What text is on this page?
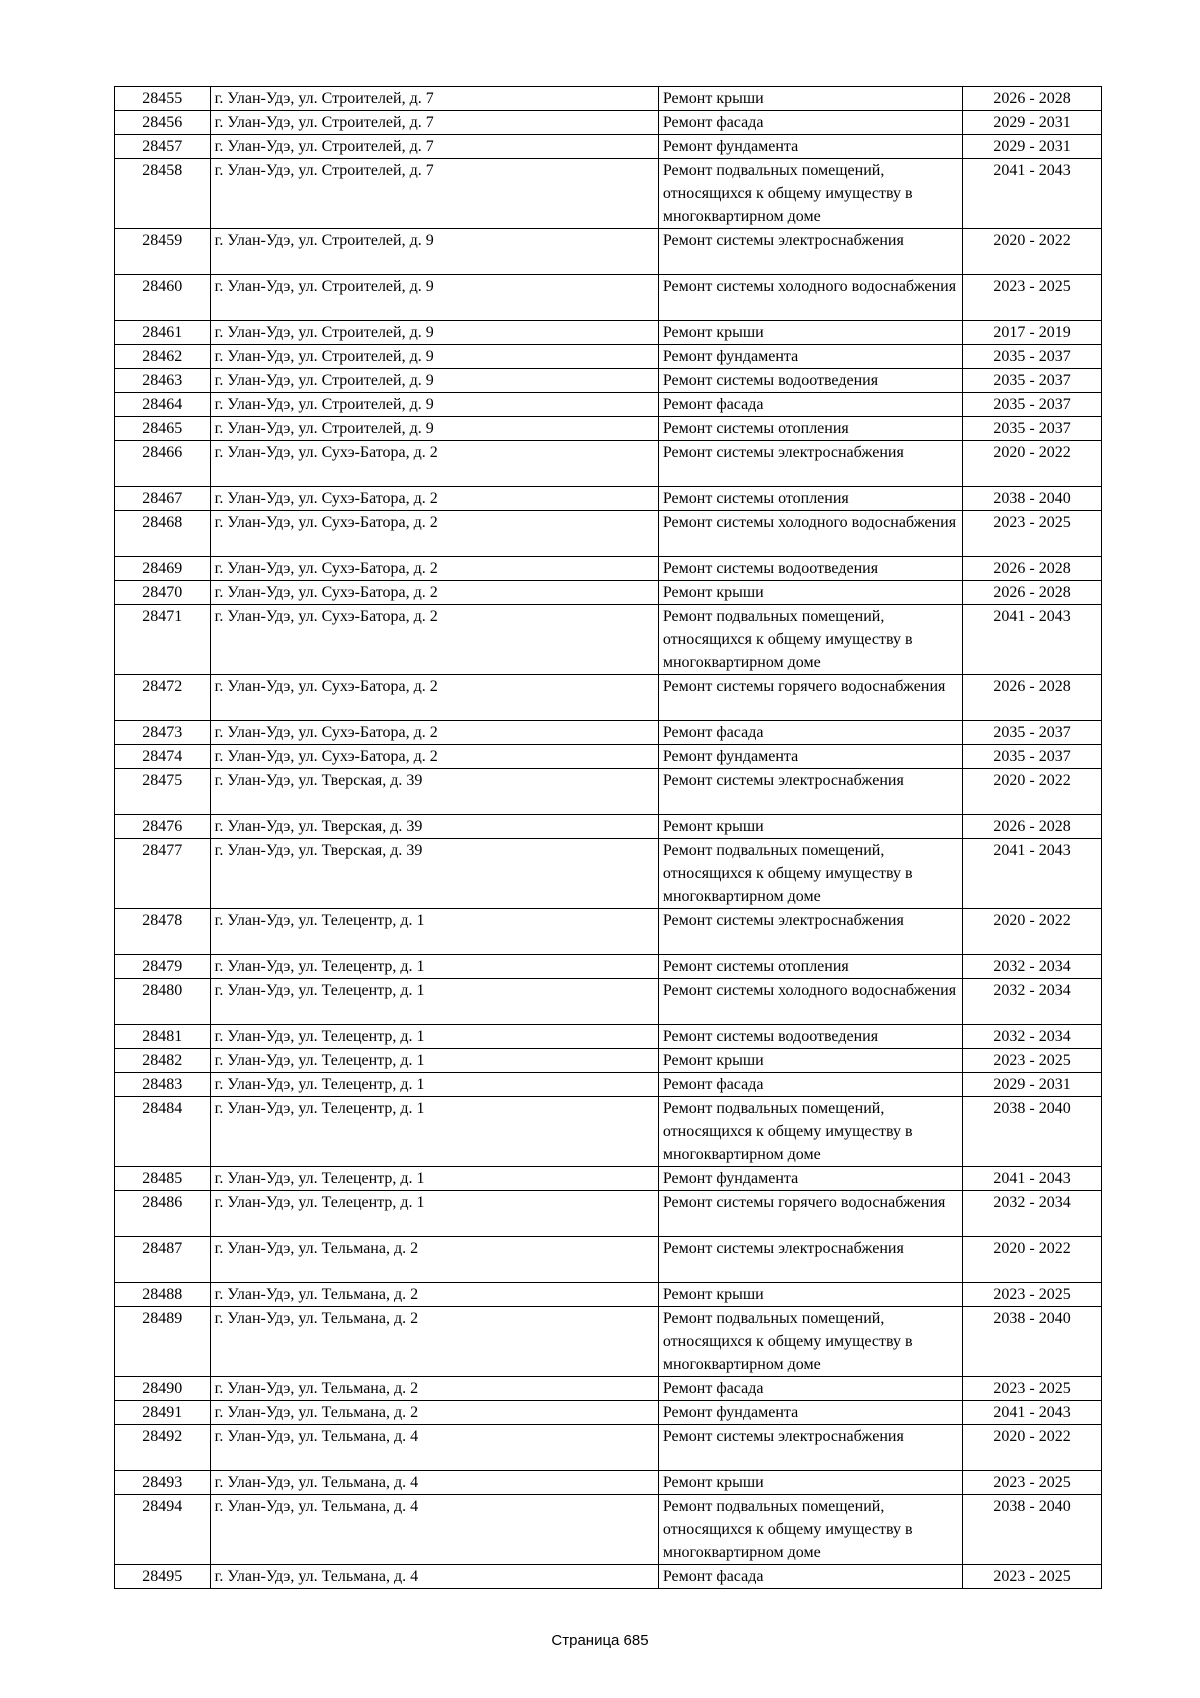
28455	г. Улан-Удэ, ул. Строителей, д. 7	Ремонт крыши	2026 - 2028
28456	г. Улан-Удэ, ул. Строителей, д. 7	Ремонт фасада	2029 - 2031
28457	г. Улан-Удэ, ул. Строителей, д. 7	Ремонт фундамента	2029 - 2031
28458	г. Улан-Удэ, ул. Строителей, д. 7	Ремонт подвальных помещений, относящихся к общему имуществу в многоквартирном доме	2041 - 2043
28459	г. Улан-Удэ, ул. Строителей, д. 9	Ремонт системы электроснабжения	2020 - 2022
28460	г. Улан-Удэ, ул. Строителей, д. 9	Ремонт системы холодного водоснабжения	2023 - 2025
28461	г. Улан-Удэ, ул. Строителей, д. 9	Ремонт крыши	2017 - 2019
28462	г. Улан-Удэ, ул. Строителей, д. 9	Ремонт фундамента	2035 - 2037
28463	г. Улан-Удэ, ул. Строителей, д. 9	Ремонт системы водоотведения	2035 - 2037
28464	г. Улан-Удэ, ул. Строителей, д. 9	Ремонт фасада	2035 - 2037
28465	г. Улан-Удэ, ул. Строителей, д. 9	Ремонт системы отопления	2035 - 2037
28466	г. Улан-Удэ, ул. Сухэ-Батора, д. 2	Ремонт системы электроснабжения	2020 - 2022
28467	г. Улан-Удэ, ул. Сухэ-Батора, д. 2	Ремонт системы отопления	2038 - 2040
28468	г. Улан-Удэ, ул. Сухэ-Батора, д. 2	Ремонт системы холодного водоснабжения	2023 - 2025
28469	г. Улан-Удэ, ул. Сухэ-Батора, д. 2	Ремонт системы водоотведения	2026 - 2028
28470	г. Улан-Удэ, ул. Сухэ-Батора, д. 2	Ремонт крыши	2026 - 2028
28471	г. Улан-Удэ, ул. Сухэ-Батора, д. 2	Ремонт подвальных помещений, относящихся к общему имуществу в многоквартирном доме	2041 - 2043
28472	г. Улан-Удэ, ул. Сухэ-Батора, д. 2	Ремонт системы горячего водоснабжения	2026 - 2028
28473	г. Улан-Удэ, ул. Сухэ-Батора, д. 2	Ремонт фасада	2035 - 2037
28474	г. Улан-Удэ, ул. Сухэ-Батора, д. 2	Ремонт фундамента	2035 - 2037
28475	г. Улан-Удэ, ул. Тверская, д. 39	Ремонт системы электроснабжения	2020 - 2022
28476	г. Улан-Удэ, ул. Тверская, д. 39	Ремонт крыши	2026 - 2028
28477	г. Улан-Удэ, ул. Тверская, д. 39	Ремонт подвальных помещений, относящихся к общему имуществу в многоквартирном доме	2041 - 2043
28478	г. Улан-Удэ, ул. Телецентр, д. 1	Ремонт системы электроснабжения	2020 - 2022
28479	г. Улан-Удэ, ул. Телецентр, д. 1	Ремонт системы отопления	2032 - 2034
28480	г. Улан-Удэ, ул. Телецентр, д. 1	Ремонт системы холодного водоснабжения	2032 - 2034
28481	г. Улан-Удэ, ул. Телецентр, д. 1	Ремонт системы водоотведения	2032 - 2034
28482	г. Улан-Удэ, ул. Телецентр, д. 1	Ремонт крыши	2023 - 2025
28483	г. Улан-Удэ, ул. Телецентр, д. 1	Ремонт фасада	2029 - 2031
28484	г. Улан-Удэ, ул. Телецентр, д. 1	Ремонт подвальных помещений, относящихся к общему имуществу в многоквартирном доме	2038 - 2040
28485	г. Улан-Удэ, ул. Телецентр, д. 1	Ремонт фундамента	2041 - 2043
28486	г. Улан-Удэ, ул. Телецентр, д. 1	Ремонт системы горячего водоснабжения	2032 - 2034
28487	г. Улан-Удэ, ул. Тельмана, д. 2	Ремонт системы электроснабжения	2020 - 2022
28488	г. Улан-Удэ, ул. Тельмана, д. 2	Ремонт крыши	2023 - 2025
28489	г. Улан-Удэ, ул. Тельмана, д. 2	Ремонт подвальных помещений, относящихся к общему имуществу в многоквартирном доме	2038 - 2040
28490	г. Улан-Удэ, ул. Тельмана, д. 2	Ремонт фасада	2023 - 2025
28491	г. Улан-Удэ, ул. Тельмана, д. 2	Ремонт фундамента	2041 - 2043
28492	г. Улан-Удэ, ул. Тельмана, д. 4	Ремонт системы электроснабжения	2020 - 2022
28493	г. Улан-Удэ, ул. Тельмана, д. 4	Ремонт крыши	2023 - 2025
28494	г. Улан-Удэ, ул. Тельмана, д. 4	Ремонт подвальных помещений, относящихся к общему имуществу в многоквартирном доме	2038 - 2040
28495	г. Улан-Удэ, ул. Тельмана, д. 4	Ремонт фасада	2023 - 2025
Страница 685
